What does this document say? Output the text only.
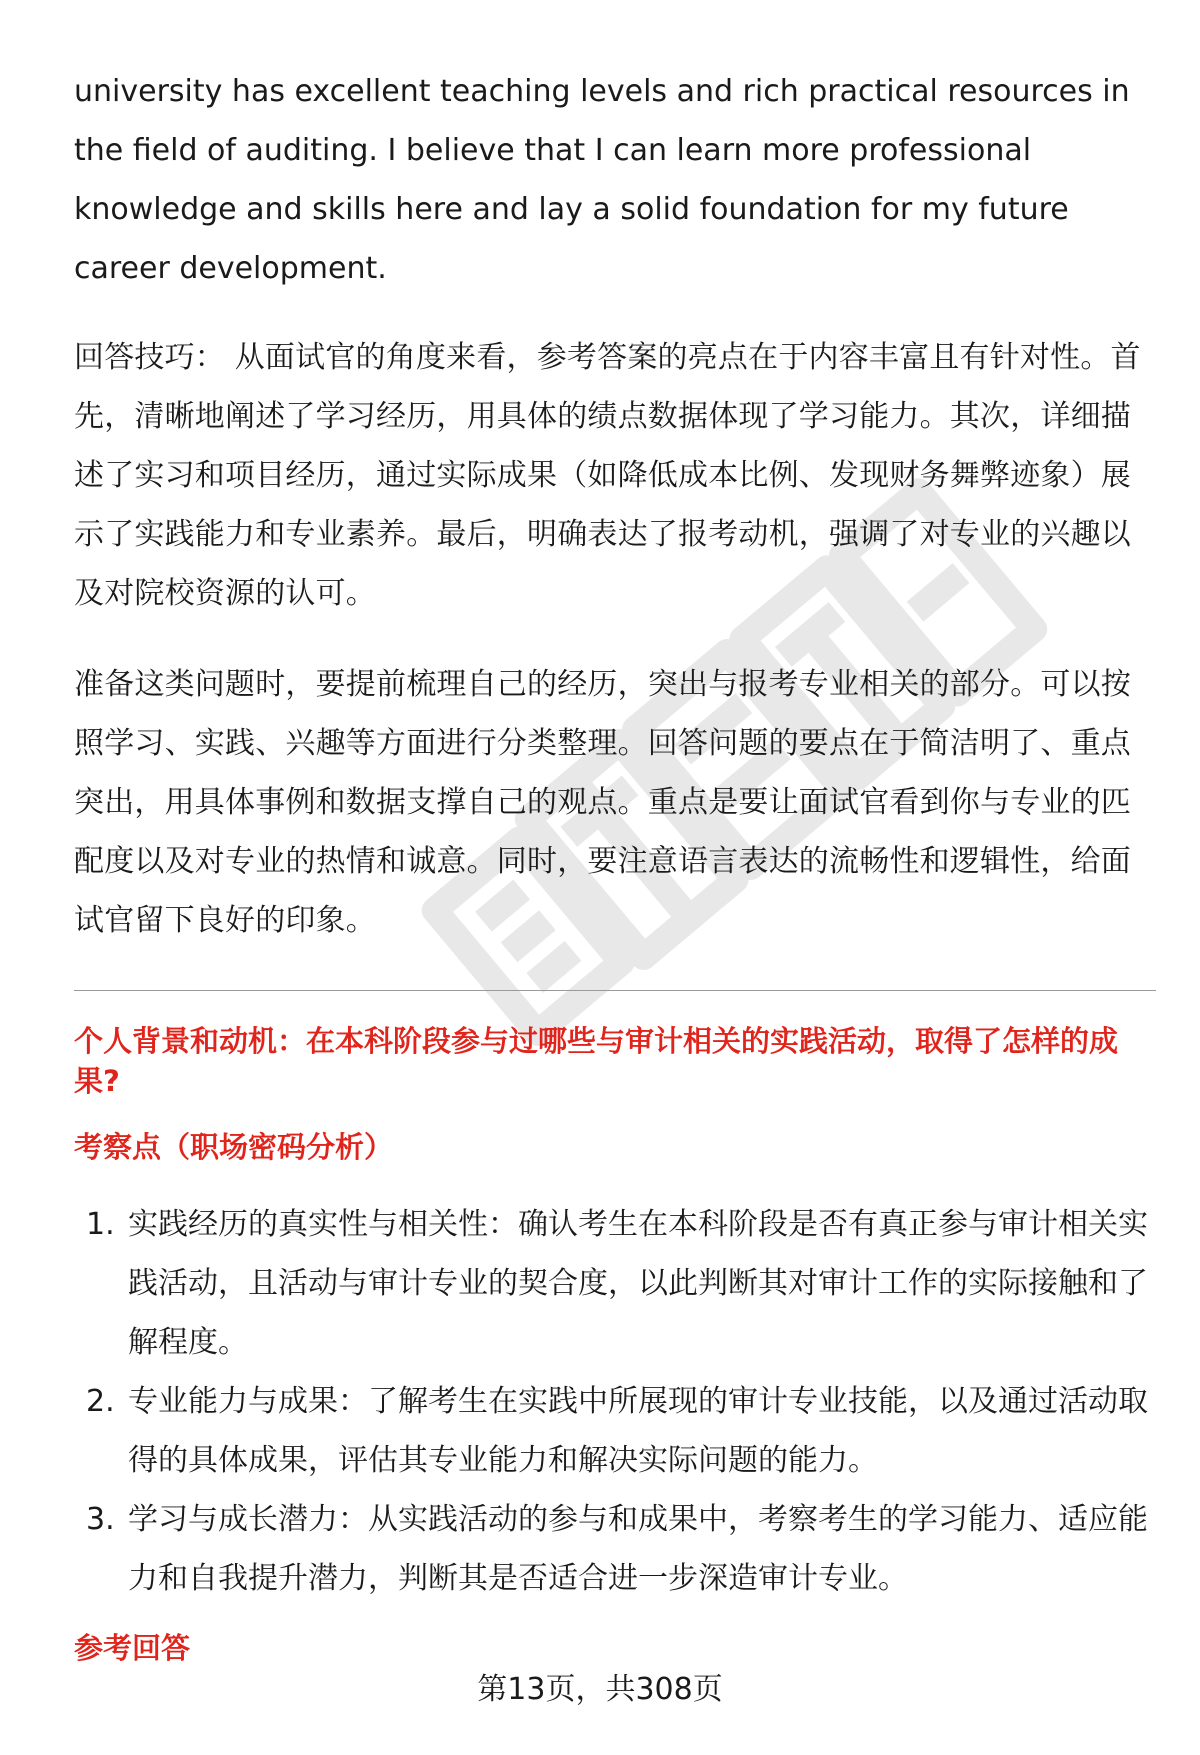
university has excellent teaching levels and rich practical resources in the field of auditing. I believe that I can learn more professional knowledge and skills here and lay a solid foundation for my future career development.

回答技巧： 从面试官的角度来看，参考答案的亮点在于内容丰富且有针对性。首先，清晰地阐述了学习经历，用具体的绩点数据体现了学习能力。其次，详细描述了实习和项目经历，通过实际成果（如降低成本比例、发现财务舞弊迹象）展示了实践能力和专业素养。最后，明确表达了报考动机，强调了对专业的兴趣以及对院校资源的认可。

准备这类问题时，要提前梳理自己的经历，突出与报考专业相关的部分。可以按照学习、实践、兴趣等方面进行分类整理。回答问题的要点在于简洁明了、重点突出，用具体事例和数据支撑自己的观点。重点是要让面试官看到你与专业的匹配度以及对专业的热情和诚意。同时，要注意语言表达的流畅性和逻辑性，给面试官留下良好的印象。

个人背景和动机：在本科阶段参与过哪些与审计相关的实践活动，取得了怎样的成果?
考察点（职场密码分析）
1. 实践经历的真实性与相关性：确认考生在本科阶段是否有真正参与审计相关实践活动，且活动与审计专业的契合度，以此判断其对审计工作的实际接触和了解程度。
2. 专业能力与成果：了解考生在实践中所展现的审计专业技能，以及通过活动取得的具体成果，评估其专业能力和解决实际问题的能力。
3. 学习与成长潜力：从实践活动的参与和成果中，考察考生的学习能力、适应能力和自我提升潜力，判断其是否适合进一步深造审计专业。
参考回答
第13页，共308页
